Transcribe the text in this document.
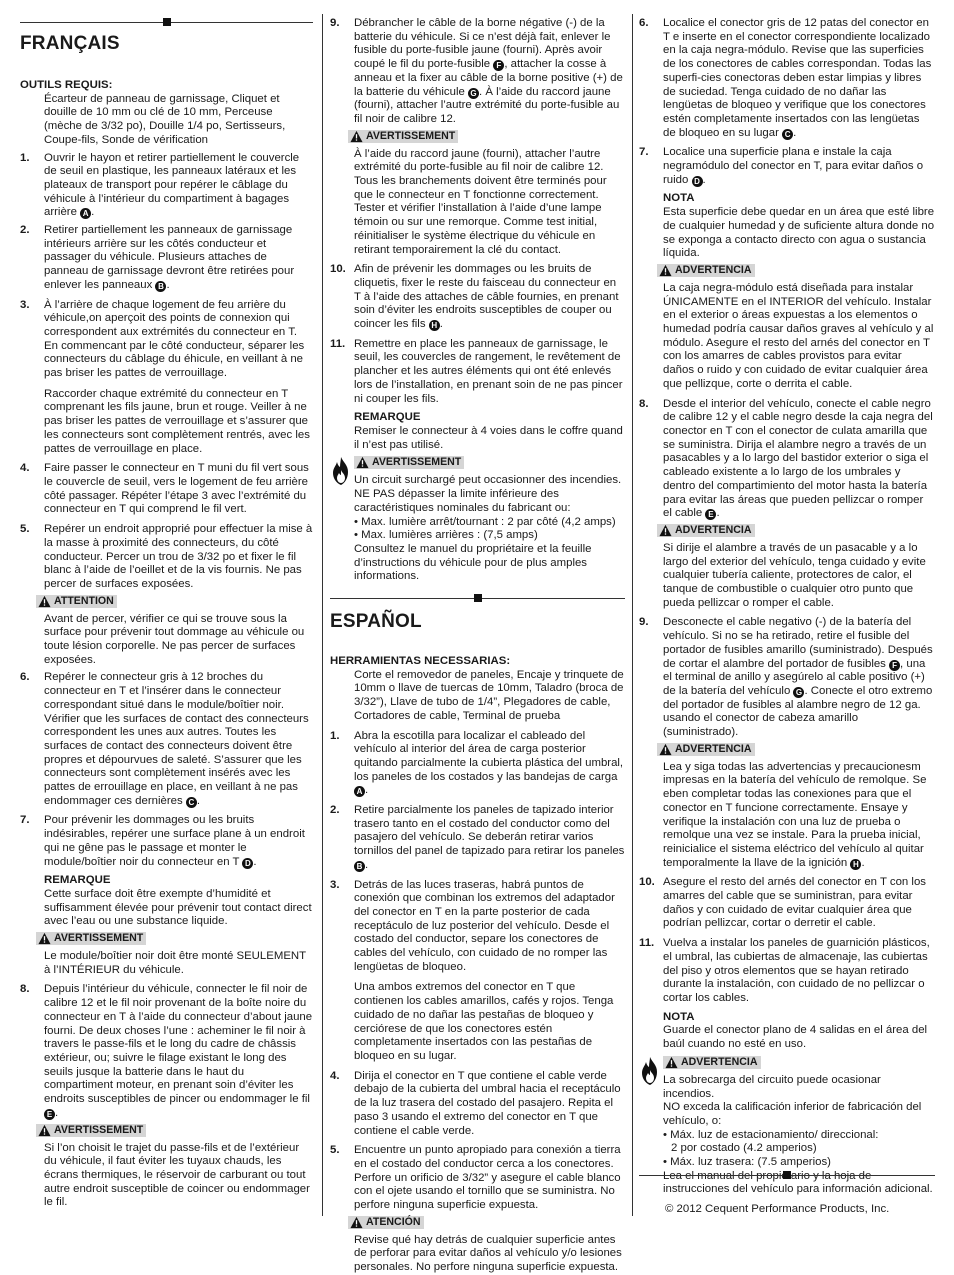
FRANÇAIS
OUTILS REQUIS:
Écarteur de panneau de garnissage, Cliquet et douille de 10 mm ou clé de 10 mm, Perceuse (mèche de 3/32 po), Douille 1/4 po, Sertisseurs, Coupe-fils, Sonde de vérification
1.	Ouvrir le hayon et retirer partiellement le couvercle de seuil en plastique, les panneaux latéraux et les plateaux de transport pour repérer le câblage du véhicule à l’intérieur du compartiment à bagages arrière A .
2.	Retirer partiellement les panneaux de garnissage intérieurs arrière sur les côtés conducteur et passager du véhicule. Plusieurs attaches de panneau de garnissage devront être retirées pour enlever les panneaux B .
3.	À l’arrière de chaque logement de feu arrière du véhicule,on aperçoit des points de connexion qui correspondent aux extrémités du connecteur en T. En commencant par le côté conducteur, séparer les connecteurs du câblage du éhicule, en veillant à ne pas briser les pattes de verrouillage.
Raccorder chaque extrémité du connecteur en T comprenant les fils jaune, brun et rouge. Veiller à ne pas briser les pattes de verrouillage et s’assurer que les connecteurs sont complètement rentrés, avec les pattes de verrouillage en place.
4.	Faire passer le connecteur en T muni du fil vert sous le couvercle de seuil, vers le logement de feu arrière côté passager. Répéter l’étape 3 avec l’extrémité du connecteur en T qui comprend le fil vert.
5.	Repérer un endroit approprié pour effectuer la mise à la masse à proximité des connecteurs, du côté conducteur. Percer un trou de 3/32 po et fixer le fil blanc à l’aide de l’oeillet et de la vis fournis. Ne pas percer de surfaces exposées.
ATTENTION
Avant de percer, vérifier ce qui se trouve sous la surface pour prévenir tout dommage au véhicule ou toute lésion corporelle. Ne pas percer de surfaces exposées.
6.	Repérer le connecteur gris à 12 broches du connecteur en T et l’insérer dans le connecteur correspondant situé dans le module/boîtier noir. Vérifier que les surfaces de contact des connecteurs correspondent les unes aux autres. Toutes les surfaces de contact des connecteurs doivent être propres et dépourvues de saleté. S’assurer que les connecteurs sont complètement insérés avec les pattes de errouillage en place, en veillant à ne pas endommager ces dernières C .
7.	Pour prévenir les dommages ou les bruits indésirables, repérer une surface plane à un endroit qui ne gêne pas le passage et monter le module/boîtier noir du connecteur en T D .
REMARQUE
Cette surface doit être exempte d’humidité et suffisamment élevée pour prévenir tout contact direct avec l’eau ou une substance liquide.
AVERTISSEMENT
Le module/boîtier noir doit être monté SEULEMENT à l’INTÉRIEUR du véhicule.
8.	Depuis l’intérieur du véhicule, connecter le fil noir de calibre 12 et le fil noir provenant de la boîte noire du connecteur en T à l’aide du connecteur d’about jaune fourni. De deux choses l’une : acheminer le fil noir à travers le passe-fils et le long du cadre de châssis extérieur, ou; suivre le filage existant le long des seuils jusque la batterie dans le haut du compartiment moteur, en prenant soin d’éviter les endroits susceptibles de pincer ou endommager le fil E .
AVERTISSEMENT
Si l’on choisit le trajet du passe-fils et de l’extérieur du véhicule, il faut éviter les tuyaux chauds, les écrans thermiques, le réservoir de carburant ou tout autre endroit susceptible de coincer ou endommager le fil.
9.	Débrancher le câble de la borne négative (-) de la batterie du véhicule. Si ce n’est déjà fait, enlever le fusible du porte-fusible jaune (fourni). Après avoir coupé le fil du porte-fusible F , attacher la cosse à anneau et la fixer au câble de la borne positive (+) de la batterie du véhicule G . À l’aide du raccord jaune (fourni), attacher l’autre extrémité du porte-fusible au fil noir de calibre 12.
AVERTISSEMENT
À l’aide du raccord jaune (fourni), attacher l’autre extrémité du porte-fusible au fil noir de calibre 12. Tous les branchements doivent être terminés pour que le connecteur en T fonctionne correctement. Tester et vérifier l’installation à l’aide d’une lampe témoin ou sur une remorque. Comme test initial, réinitialiser le système électrique du véhicule en retirant temporairement la clé du contact.
10. Afin de prévenir les dommages ou les bruits de cliquetis, fixer le reste du faisceau du connecteur en T à l’aide des attaches de câble fournies, en prenant soin d’éviter les endroits susceptibles de couper ou coincer les fils H .
11. Remettre en place les panneaux de garnissage, le seuil, les couvercles de rangement, le revêtement de plancher et les autres éléments qui ont été enlevés lors de l’installation, en prenant soin de ne pas pincer ni couper les fils.
REMARQUE
Remiser le connecteur à 4 voies dans le coffre quand il n’est pas utilisé.
AVERTISSEMENT
Un circuit surchargé peut occasionner des incendies.
NE PAS dépasser la limite inférieure des caractéristiques nominales du fabricant ou:
• Max. lumière arrêt/tournant : 2 par côté (4,2 amps)
• Max. lumières arrières : (7,5 amps)
Consultez le manuel du propriétaire et la feuille d’instructions du véhicule pour de plus amples informations.
ESPAÑOL
HERRAMIENTAS NECESSARIAS:
Corte el removedor de paneles, Encaje y trinquete de 10mm o llave de tuercas de 10mm, Taladro (broca de 3/32”), Llave de tubo de 1/4”, Plegadores de cable, Cortadores de cable, Terminal de prueba
1.	Abra la escotilla para localizar el cableado del vehículo al interior del área de carga posterior quitando parcialmente la cubierta plástica del umbral, los paneles de los costados y las bandejas de carga A .
2.	Retire parcialmente los paneles de tapizado interior trasero tanto en el costado del conductor como del pasajero del vehículo. Se deberán retirar varios tornillos del panel de tapizado para retirar los paneles B .
3.	Detrás de las luces traseras, habrá puntos de conexión que combinan los extremos del adaptador del conector en T en la parte posterior de cada receptáculo de luz posterior del vehículo. Desde el costado del conductor, separe los conectores de cables del vehículo, con cuidado de no romper las lengüetas de bloqueo.
Una ambos extremos del conector en T que contienen los cables amarillos, cafés y rojos. Tenga cuidado de no dañar las pestañas de bloqueo y cerciórese de que los conectores estén completamente insertados con las pestañas de bloqueo en su lugar.
4.	Dirija el conector en T que contiene el cable verde debajo de la cubierta del umbral hacia el receptáculo de la luz trasera del costado del pasajero. Repita el paso 3 usando el extremo del conector en T que contiene el cable verde.
5.	Encuentre un punto apropiado para conexión a tierra en el costado del conductor cerca a los conectores. Perfore un orificio de 3/32” y asegure el cable blanco con el ojete usando el tornillo que se suministra. No perfore ninguna superficie expuesta.
ATENCIÓN
Revise qué hay detrás de cualquier superficie antes de perforar para evitar daños al vehículo y/o lesiones personales. No perfore ninguna superficie expuesta.
6.	Localice el conector gris de 12 patas del conector en T e inserte en el conector correspondiente localizado en la caja negra-módulo. Revise que las superficies de los conectores de cables correspondan. Todas las superfi-cies conectoras deben estar limpias y libres de suciedad. Tenga cuidado de no dañar las lengüetas de bloqueo y verifique que los conectores estén completamente insertados con las lengüetas de bloqueo en su lugar C .
7.	Localice una superficie plana e instale la caja negramódulo del conector en T, para evitar daños o ruido D .
NOTA
Esta superficie debe quedar en un área que esté libre de cualquier humedad y de suficiente altura donde no se exponga a contacto directo con agua o sustancia líquida.
ADVERTENCIA
La caja negra-módulo está diseñada para instalar ÚNICAMENTE en el INTERIOR del vehículo. Instalar en el exterior o áreas expuestas a los elementos o humedad podría causar daños graves al vehículo y al módulo. Asegure el resto del arnés del conector en T con los amarres de cables provistos para evitar daños o ruido y con cuidado de evitar cualquier área que pellizque, corte o derrita el cable.
8.	Desde el interior del vehículo, conecte el cable negro de calibre 12 y el cable negro desde la caja negra del conector en T con el conector de culata amarilla que se suministra. Dirija el alambre negro a través de un pasacables y a lo largo del bastidor exterior o siga el cableado existente a lo largo de los umbrales y dentro del compartimiento del motor hasta la batería para evitar las áreas que pueden pellizcar o romper el cable E .
ADVERTENCIA
Si dirije el alambre a través de un pasacable y a lo largo del exterior del vehículo, tenga cuidado y evite cualquier tubería caliente, protectores de calor, el tanque de combustible o cualquier otro punto que pueda pellizcar o romper el cable.
9.	Desconecte el cable negativo (-) de la batería del vehículo. Si no se ha retirado, retire el fusible del portador de fusibles amarillo (suministrado). Después de cortar el alambre del portador de fusibles F , una el terminal de anillo y asegúrelo al cable positivo (+) de la batería del vehículo G . Conecte el otro extremo del portador de fusibles al alambre negro de 12 ga. usando el conector de cabeza amarillo (suministrado).
ADVERTENCIA
Lea y siga todas las advertencias y precaucionesm impresas en la batería del vehículo de remolque. Se eben completar todas las conexiones para que el conector en T funcione correctamente. Ensaye y verifique la instalación con una luz de prueba o remolque una vez se instale. Para la prueba inicial, reinicialice el sistema eléctrico del vehículo al quitar temporalmente la llave de la ignición H .
10. Asegure el resto del arnés del conector en T con los amarres del cable que se suministran, para evitar daños y con cuidado de evitar cualquier área que podrían pellizcar, cortar o derretir el cable.
11. Vuelva a instalar los paneles de guarnición plásticos, el umbral, las cubiertas de almacenaje, las cubiertas del piso y otros elementos que se hayan retirado durante la instalación, con cuidado de no pellizcar o cortar los cables.
NOTA
Guarde el conector plano de 4 salidas en el área del baúl cuando no esté en uso.
ADVERTENCIA
La sobrecarga del circuito puede ocasionar incendios.
NO exceda la calificación inferior de fabricación del vehículo, o:
• Máx. luz de estacionamiento/ direccional:
2 por costado (4.2 amperios)
• Máx. luz trasera: (7.5 amperios)
instrucciones del vehículo para información adicional.
© 2012 Cequent Performance Products, Inc.
